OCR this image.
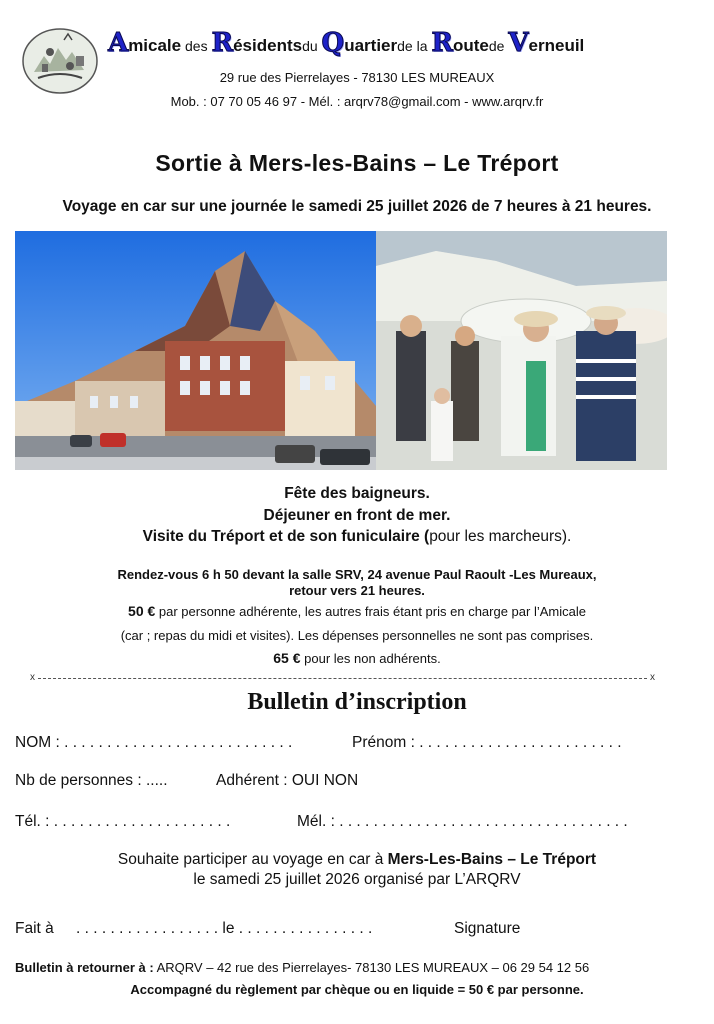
Amicale des Résidentsdu Quartierde la Routede Verneuil
29 rue des Pierrelayes - 78130 LES MUREAUX
Mob. : 07 70 05 46 97 - Mél. : arqrv78@gmail.com - www.arqrv.fr
Sortie à Mers-les-Bains – Le Tréport
Voyage en car sur une journée le samedi 25 juillet 2026 de 7 heures à 21 heures.
Fête des baigneurs.
Déjeuner en front de mer.
Visite du Tréport et de son funiculaire (pour les marcheurs).
Rendez-vous 6 h 50 devant la salle SRV, 24 avenue Paul Raoult -Les Mureaux,
retour vers 21 heures.
50 € par personne adhérente, les autres frais étant pris en charge par l’Amicale
(car ; repas du midi et visites). Les dépenses personnelles ne sont pas comprises.
65 € pour les non adhérents.
x	x
Bulletin d’inscription
NOM : . . . . . . . . . . . . . . . . . . . . . . . . . . .	Prénom : . . . . . . . . . . . . . . . . . . . . . . . .
Nb de personnes : .....	Adhérent : OUI NON
Tél. : . . . . . . . . . . . . . . . . . . . . .	Mél. : . . . . . . . . . . . . . . . . . . . . . . . . . . . . . . . . . .
Souhaite participer au voyage en car à Mers-Les-Bains – Le Tréport
le samedi 25 juillet 2026 organisé par L’ARQRV
Fait à . . . . . . . . . . . . . . . . . le . . . . . . . . . . . . . . . .	Signature
Bulletin à retourner à : ARQRV – 42 rue des Pierrelayes- 78130 LES MUREAUX – 06 29 54 12 56
Accompagné du règlement par chèque ou en liquide = 50 € par personne.
